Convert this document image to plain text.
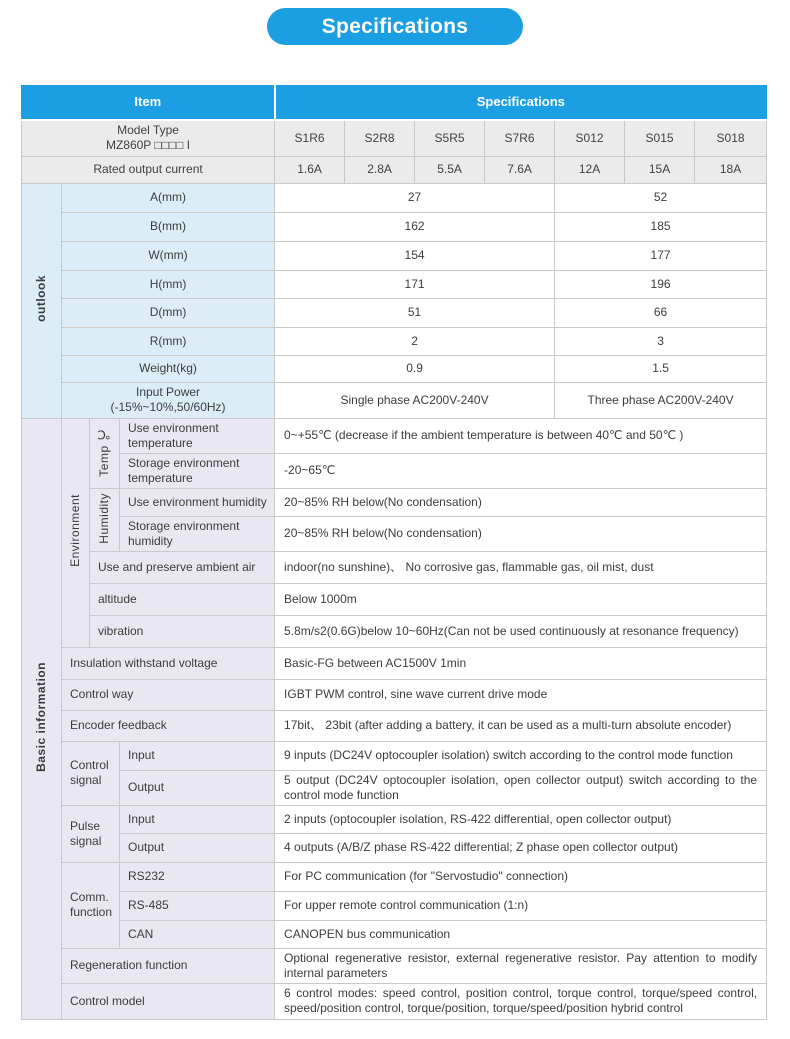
Specifications
Item				Specifications						

Model Type
MZ860P □□□□ I				S1R6	S2R8	S5R5	S7R6	S012	S015	S018
Rated output current				1.6A	2.8A	5.5A	7.6A	12A	15A	18A
outlook	A(mm)			27				52		
	B(mm)			162				185		
	W(mm)			154				177		
	H(mm)			171				196		
	D(mm)			51				66		
	R(mm)			2				3		
	Weight(kg)			0.9				1.5		

	Input Power
(-15%~10%,50/60Hz)			Single phase AC200V-240V				Three phase AC200V-240V		
Basic information	Environment	Temp ℃	Use environment temperature	0~+55℃ (decrease if the ambient temperature is between 40℃ and 50℃ )						
			Storage environment temperature	-20~65℃						
		Humidity	Use environment humidity	20~85% RH below(No condensation)						
			Storage environment humidity	20~85% RH below(No condensation)						
		Use and preserve ambient air		indoor(no sunshine)、 No corrosive gas, flammable gas, oil mist, dust						
		altitude		Below 1000m						
		vibration		5.8m/s2(0.6G)below 10~60Hz(Can not be used continuously at resonance frequency)						
	Insulation withstand voltage			Basic-FG between AC1500V 1min						
	Control way			IGBT PWM control, sine wave current drive mode						
	Encoder feedback			17bit、 23bit (after adding a battery, it can be used as a multi-turn absolute encoder)						
	Control signal		Input	9 inputs (DC24V optocoupler isolation) switch according to the control mode function						
			Output	5 output (DC24V optocoupler isolation, open collector output) switch according to the control mode function						
	Pulse signal		Input	2 inputs (optocoupler isolation, RS-422 differential, open collector output)						
			Output	4 outputs (A/B/Z phase RS-422 differential; Z phase open collector output)						
	Comm. function		RS232	For PC communication (for "Servostudio" connection)						
			RS-485	For upper remote control communication (1:n)						
			CAN	CANOPEN bus communication						
	Regeneration function			Optional regenerative resistor, external regenerative resistor. Pay attention to modify internal parameters						
	Control model			6 control modes: speed control, position control, torque control, torque/speed control, speed/position control, torque/position, torque/speed/position hybrid control						
